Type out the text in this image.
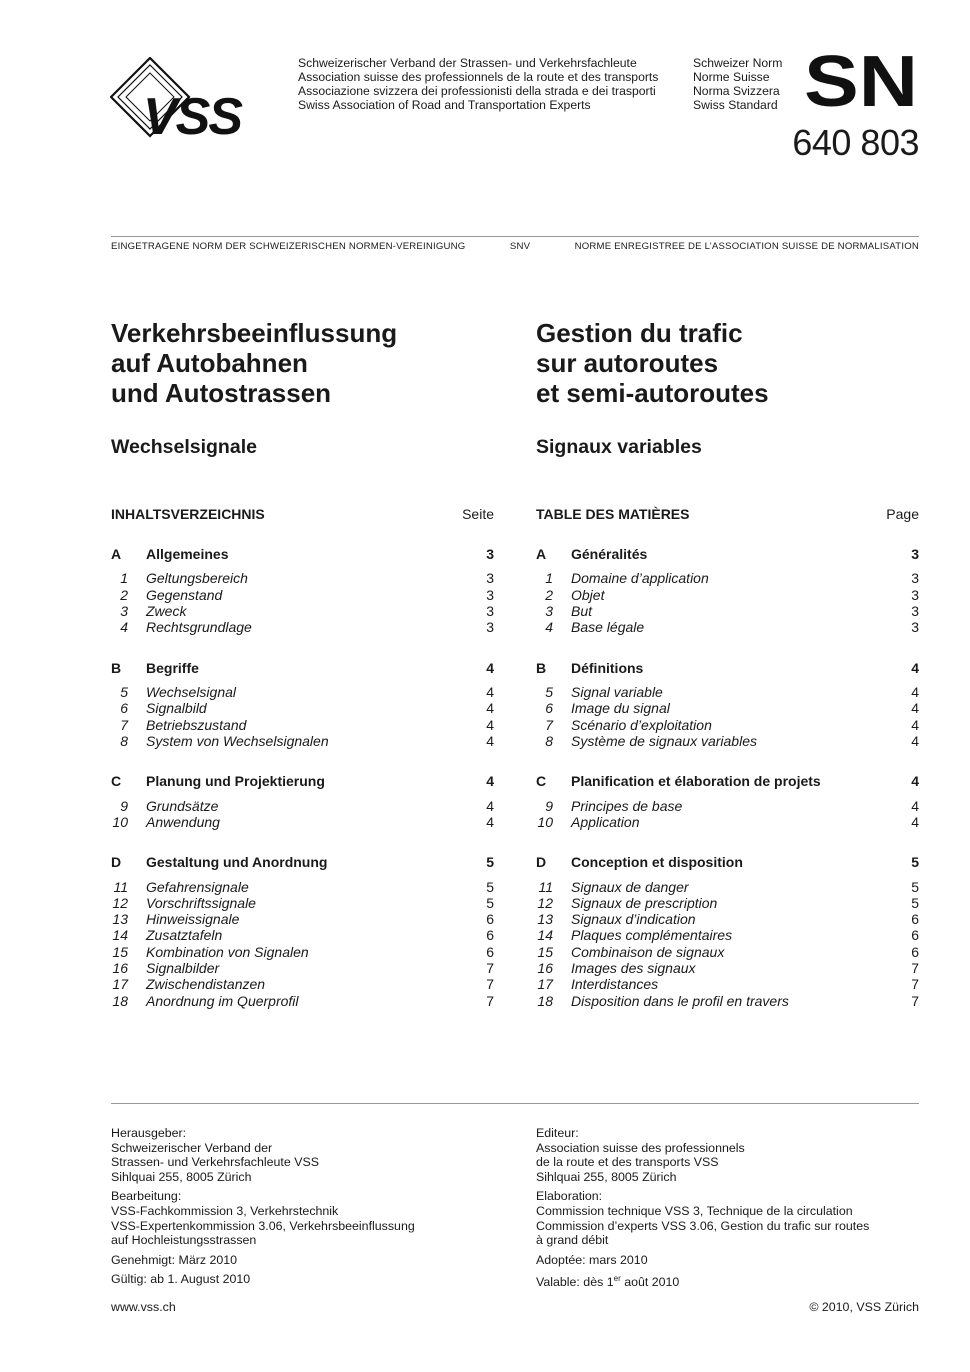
VSS
Schweizerischer Verband der Strassen- und Verkehrsfachleute
Association suisse des professionnels de la route et des transports
Associazione svizzera dei professionisti della strada e dei trasporti
Swiss Association of Road and Transportation Experts
Schweizer Norm
Norme Suisse
Norma Svizzera
Swiss Standard SN
640 803
EINGETRAGENE NORM DER SCHWEIZERISCHEN NORMEN-VEREINIGUNG	SNV	NORME ENREGISTREE DE L’ASSOCIATION SUISSE DE NORMALISATION
Verkehrsbeeinflussung
auf Autobahnen
und Autostrassen
Wechselsignale
INHALTSVERZEICHNIS	Seite
A Allgemeines	3
1 Geltungsbereich	3
2 Gegenstand	3
3 Zweck	3
4 Rechtsgrundlage	3
B Begriffe	4
5 Wechselsignal	4
6 Signalbild	4
7 Betriebszustand	4
8 System von Wechselsignalen	4
C Planung und Projektierung	4
9 Grundsätze	4
10 Anwendung	4
D Gestaltung und Anordnung	5
11 Gefahrensignale	5
12 Vorschriftssignale	5
13 Hinweissignale	6
14 Zusatztafeln	6
15 Kombination von Signalen	6
16 Signalbilder	7
17 Zwischendistanzen	7
18 Anordnung im Querprofil	7
Gestion du trafic
sur autoroutes
et semi-autoroutes
Signaux variables
TABLE DES MATIÈRES	Page
A Généralités	3
1 Domaine d’application	3
2 Objet	3
3 But	3
4 Base légale	3
B Définitions	4
5 Signal variable	4
6 Image du signal	4
7 Scénario d’exploitation	4
8 Système de signaux variables	4
C Planification et élaboration de projets	4
9 Principes de base	4
10 Application	4
D Conception et disposition	5
11 Signaux de danger	5
12 Signaux de prescription	5
13 Signaux d’indication	6
14 Plaques complémentaires	6
15 Combinaison de signaux	6
16 Images des signaux	7
17 Interdistances	7
18 Disposition dans le profil en travers	7
Herausgeber:
Schweizerischer Verband der
Strassen- und Verkehrsfachleute VSS
Sihlquai 255, 8005 Zürich
Bearbeitung:
VSS-Fachkommission 3, Verkehrstechnik
VSS-Expertenkommission 3.06, Verkehrsbeeinflussung
auf Hochleistungsstrassen
Genehmigt: März 2010
Gültig: ab 1. August 2010
Editeur:
Association suisse des professionnels
de la route et des transports VSS
Sihlquai 255, 8005 Zürich
Elaboration:
Commission technique VSS 3, Technique de la circulation
Commission d’experts VSS 3.06, Gestion du trafic sur routes
à grand débit
Adoptée: mars 2010
Valable: dès 1er août 2010
www.vss.ch	© 2010, VSS Zürich
